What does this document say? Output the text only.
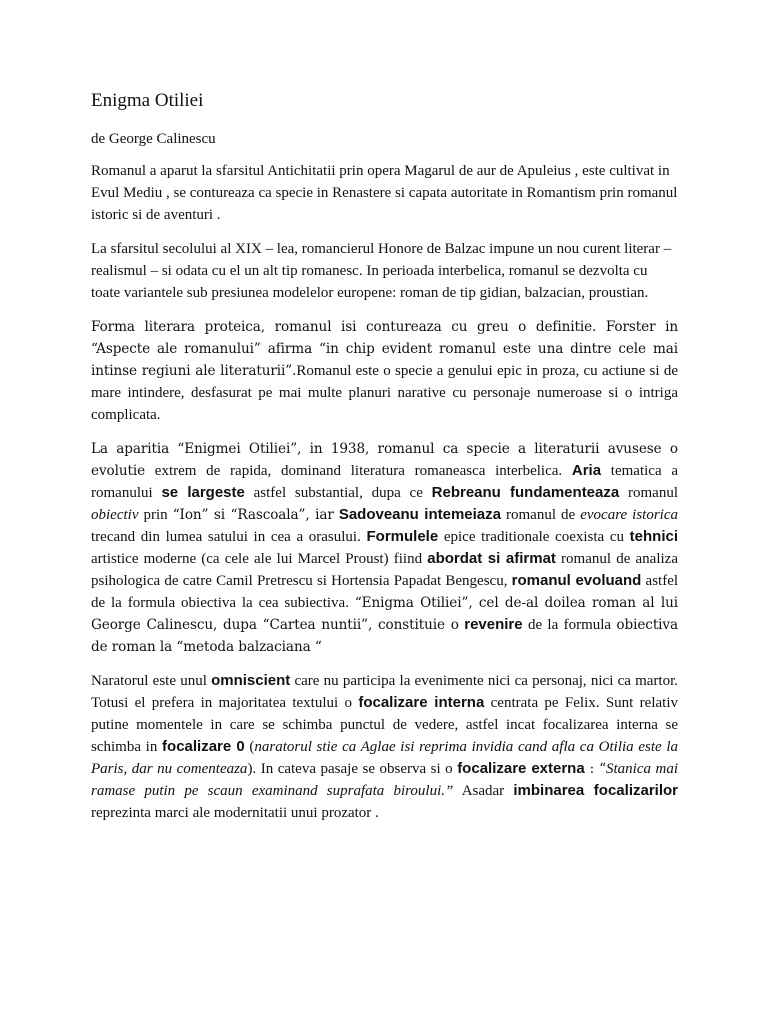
Enigma Otiliei
de George Calinescu

Romanul a aparut la sfarsitul Antichitatii prin opera Magarul de aur de Apuleius , este cultivat in Evul Mediu , se contureaza ca specie in Renastere si capata autoritate in Romantism prin romanul istoric si de aventuri .

La sfarsitul secolului al XIX – lea, romancierul Honore de Balzac impune un nou curent literar – realismul – si odata cu el un alt tip romanesc. In perioada interbelica, romanul se dezvolta cu toate variantele sub presiunea modelelor europene: roman de tip gidian, balzacian, proustian.

Forma literara proteica, romanul isi contureaza cu greu o definitie. Forster in “Aspecte ale romanului” afirma “in chip evident romanul este una dintre cele mai intinse regiuni ale literaturii”.Romanul este o specie a genului epic in proza, cu actiune si de mare intindere, desfasurat pe mai multe planuri narative cu personaje numeroase si o intriga complicata.

La aparitia “Enigmei Otiliei”, in 1938, romanul ca specie a literaturii avusese o evolutie extrem de rapida, dominand literatura romaneasca interbelica. Aria tematica a romanului se largeste astfel substantial, dupa ce Rebreanu fundamenteaza romanul obiectiv prin “Ion” si “Rascoala”, iar Sadoveanu intemeiaza romanul de evocare istorica trecand din lumea satului in cea a orasului. Formulele epice traditionale coexista cu tehnici artistice moderne (ca cele ale lui Marcel Proust) fiind abordat si afirmat romanul de analiza psihologica de catre Camil Pretrescu si Hortensia Papadat Bengescu, romanul evoluand astfel de la formula obiectiva la cea subiectiva. “Enigma Otiliei”, cel de-al doilea roman al lui George Calinescu, dupa “Cartea nuntii”, constituie o revenire de la formula obiectiva de roman la “metoda balzaciana “

Naratorul este unul omniscient care nu participa la evenimente nici ca personaj, nici ca martor. Totusi el prefera in majoritatea textului o focalizare interna centrata pe Felix. Sunt relativ putine momentele in care se schimba punctul de vedere, astfel incat focalizarea interna se schimba in focalizare 0 (naratorul stie ca Aglae isi reprima invidia cand afla ca Otilia este la Paris, dar nu comenteaza). In cateva pasaje se observa si o focalizare externa : “Stanica mai ramase putin pe scaun examinand suprafata biroului.” Asadar imbinarea focalizarilor reprezinta marci ale modernitatii unui prozator .
